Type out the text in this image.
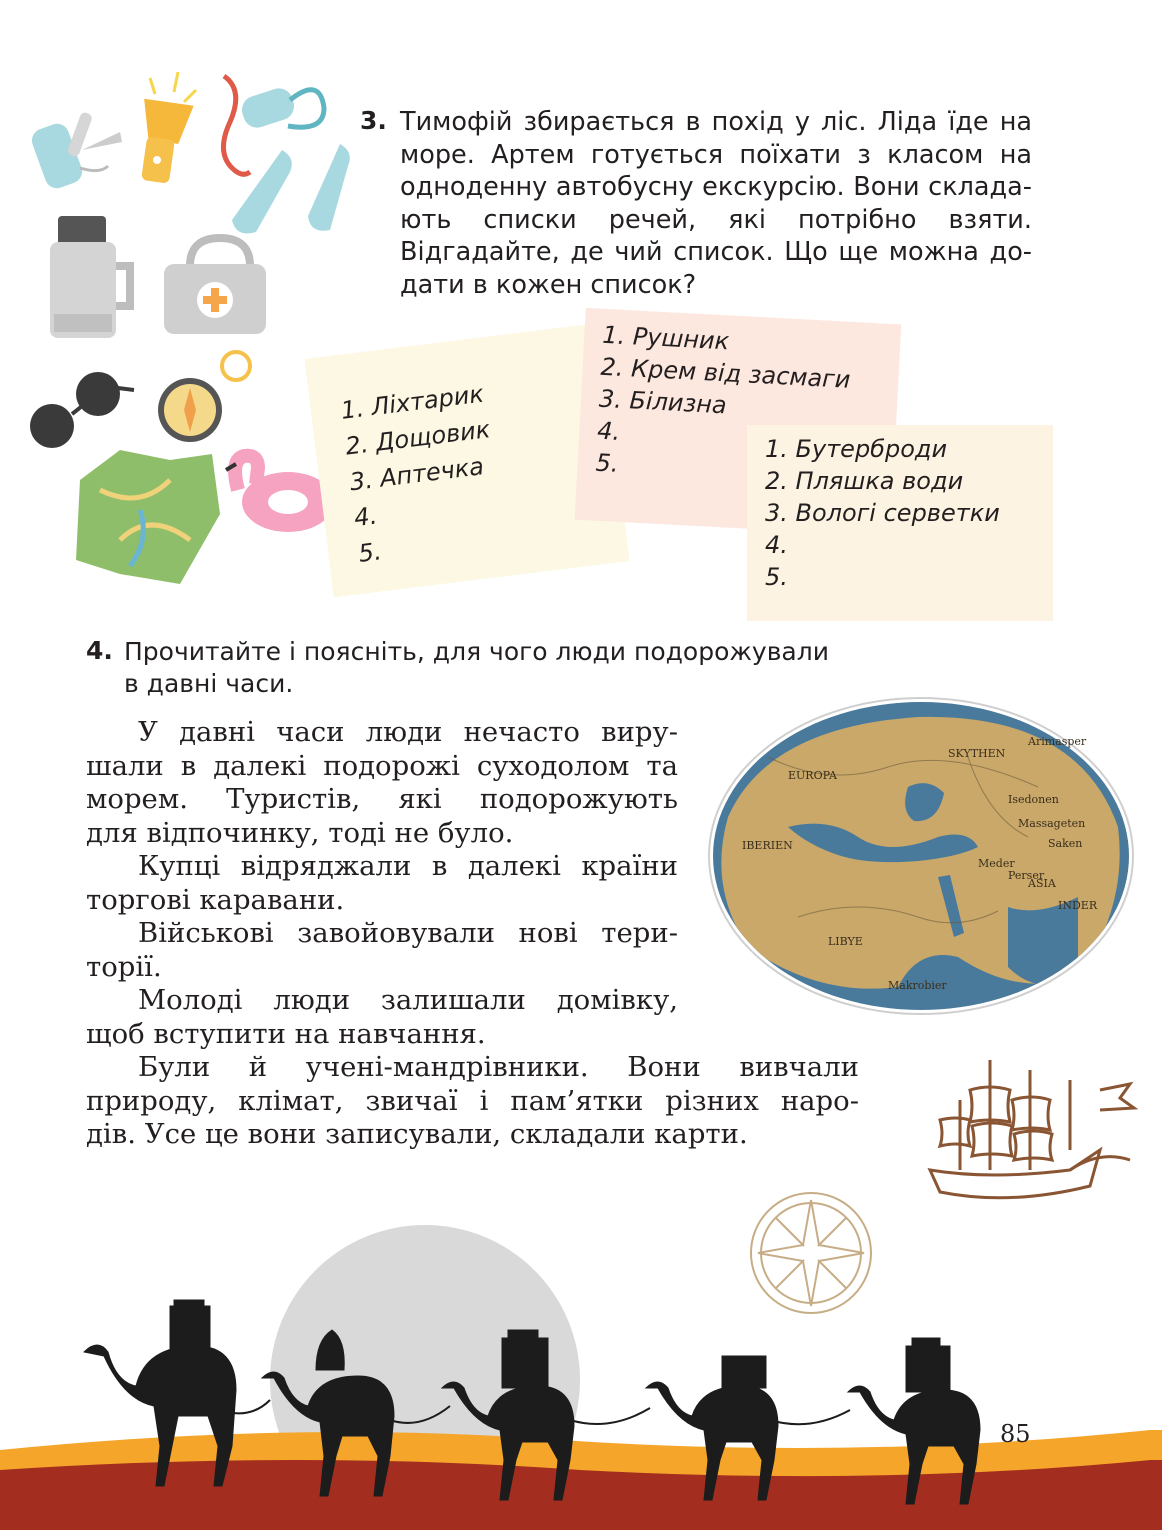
3. Тимофій збирається в похід у ліс. Ліда їде на
море. Артем готується поїхати з класом на
одноденну автобусну екскурсію. Вони склада-
ють списки речей, які потрібно взяти.
Відгадайте, де чий список. Що ще можна до-
дати в кожен список?
1. Ліхтарик
2. Дощовик
3. Аптечка
4.
5.
1. Рушник
2. Крем від засмаги
3. Білизна
4.
5.	1. Бутерброди
2. Пляшка води
3. Вологі серветки
4.
5.
4. Прочитайте і поясніть, для чого люди подорожували
в давні часи.
У давні часи люди нечасто виру-
шали в далекі подорожі суходолом та
морем. Туристів, які подорожують
для відпочинку, тоді не було.
Купці відряджали в далекі країни
торгові каравани.
Військові завойовували нові тери-
торії.
Молоді люди залишали домівку,
щоб вступити на навчання.
Були й учені-мандрівники. Вони вивчали
природу, клімат, звичаї і пам’ятки різних наро-
дів. Усе це вони записували, складали карти.
EUROPA
ASIA
LIBYE
SKYTHEN
Massageten
Saken
INDER
Perser
Meder
Makrobier
IBERIEN
Arimasper
Isedonen
85
